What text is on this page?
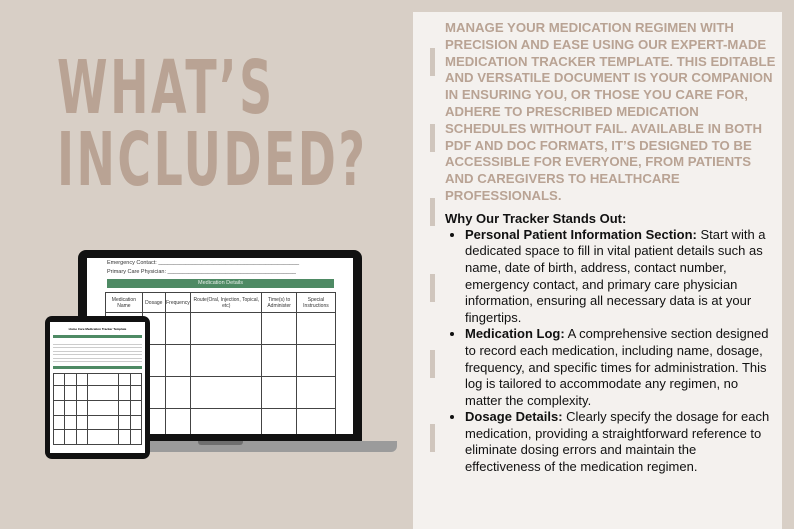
WHAT’S
INCLUDED?
Emergency Contact: ______________________________________________
Primary Care Physician: __________________________________________
Medication Details
Medication Name	Dosage	Frequency	Route(Oral, Injection, Topical, etc)	Time(s) to Administer	Special Instructions

Home Care Medication Tracker Template

MANAGE YOUR MEDICATION REGIMEN WITH PRECISION AND EASE USING OUR EXPERT-MADE MEDICATION TRACKER TEMPLATE. THIS EDITABLE AND VERSATILE DOCUMENT IS YOUR COMPANION IN ENSURING YOU, OR THOSE YOU CARE FOR, ADHERE TO PRESCRIBED MEDICATION SCHEDULES WITHOUT FAIL. AVAILABLE IN BOTH PDF AND DOC FORMATS, IT’S DESIGNED TO BE ACCESSIBLE FOR EVERYONE, FROM PATIENTS AND CAREGIVERS TO HEALTHCARE PROFESSIONALS.
Why Our Tracker Stands Out:
• Personal Patient Information Section: Start with a dedicated space to fill in vital patient details such as name, date of birth, address, contact number, emergency contact, and primary care physician information, ensuring all necessary data is at your fingertips.
• Medication Log: A comprehensive section designed to record each medication, including name, dosage, frequency, and specific times for administration. This log is tailored to accommodate any regimen, no matter the complexity.
• Dosage Details: Clearly specify the dosage for each medication, providing a straightforward reference to eliminate dosing errors and maintain the effectiveness of the medication regimen.
